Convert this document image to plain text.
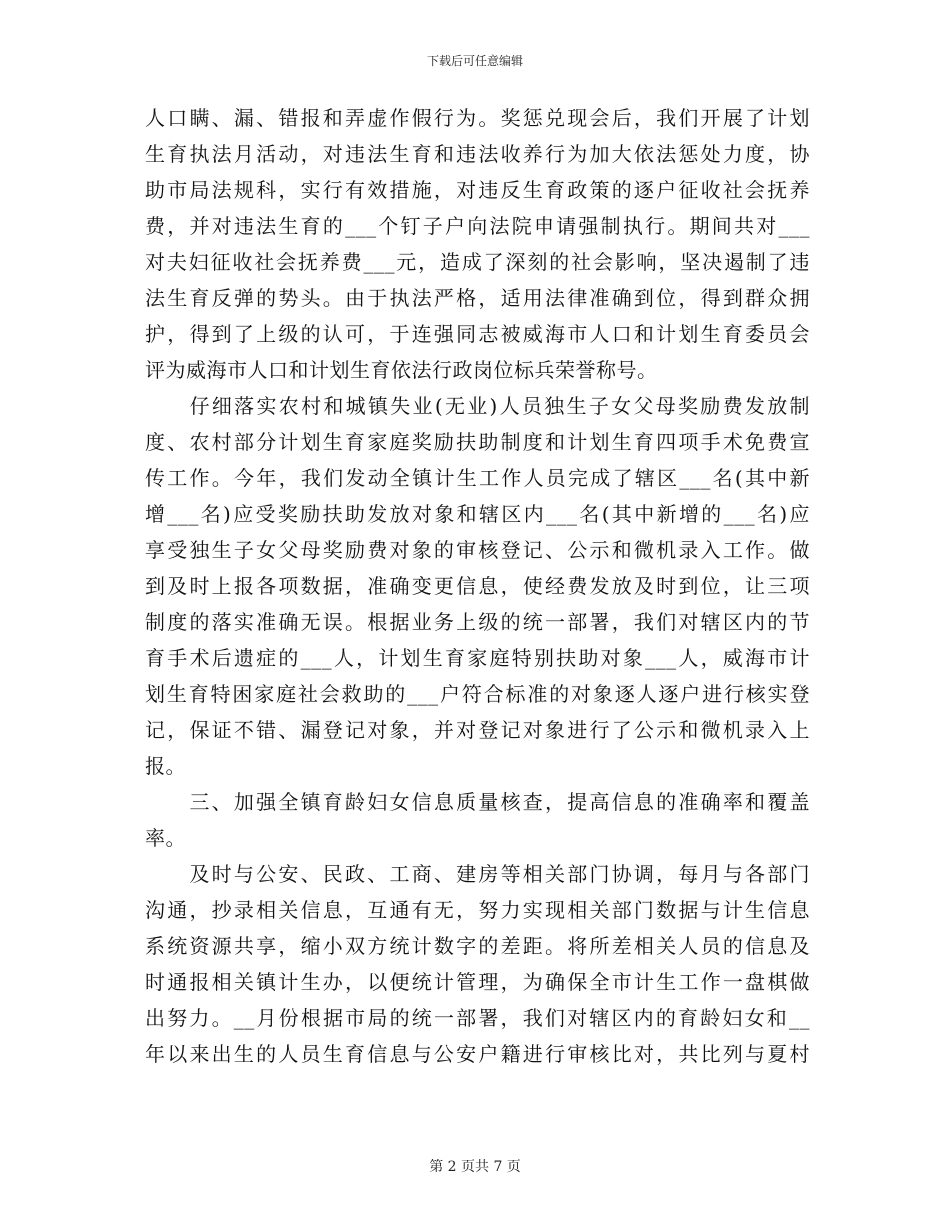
下载后可任意编辑
人口瞒、漏、错报和弄虚作假行为。奖惩兑现会后，我们开展了计划
生育执法月活动，对违法生育和违法收养行为加大依法惩处力度，协
助市局法规科，实行有效措施，对违反生育政策的逐户征收社会抚养
费，并对违法生育的___个钉子户向法院申请强制执行。期间共对___
对夫妇征收社会抚养费___元，造成了深刻的社会影响，坚决遏制了违
法生育反弹的势头。由于执法严格，适用法律准确到位，得到群众拥
护，得到了上级的认可，于连强同志被威海市人口和计划生育委员会
评为威海市人口和计划生育依法行政岗位标兵荣誉称号。
　　仔细落实农村和城镇失业(无业)人员独生子女父母奖励费发放制
度、农村部分计划生育家庭奖励扶助制度和计划生育四项手术免费宣
传工作。今年，我们发动全镇计生工作人员完成了辖区___名(其中新
增___名)应受奖励扶助发放对象和辖区内___名(其中新增的___名)应
享受独生子女父母奖励费对象的审核登记、公示和微机录入工作。做
到及时上报各项数据，准确变更信息，使经费发放及时到位，让三项
制度的落实准确无误。根据业务上级的统一部署，我们对辖区内的节
育手术后遗症的___人，计划生育家庭特别扶助对象___人，威海市计
划生育特困家庭社会救助的___户符合标准的对象逐人逐户进行核实登
记，保证不错、漏登记对象，并对登记对象进行了公示和微机录入上
报。
　　三、加强全镇育龄妇女信息质量核查，提高信息的准确率和覆盖
率。
　　及时与公安、民政、工商、建房等相关部门协调，每月与各部门
沟通，抄录相关信息，互通有无，努力实现相关部门数据与计生信息
系统资源共享，缩小双方统计数字的差距。将所差相关人员的信息及
时通报相关镇计生办，以便统计管理，为确保全市计生工作一盘棋做
出努力。__月份根据市局的统一部署，我们对辖区内的育龄妇女和__
年以来出生的人员生育信息与公安户籍进行审核比对，共比列与夏村
第 2 页共 7 页
